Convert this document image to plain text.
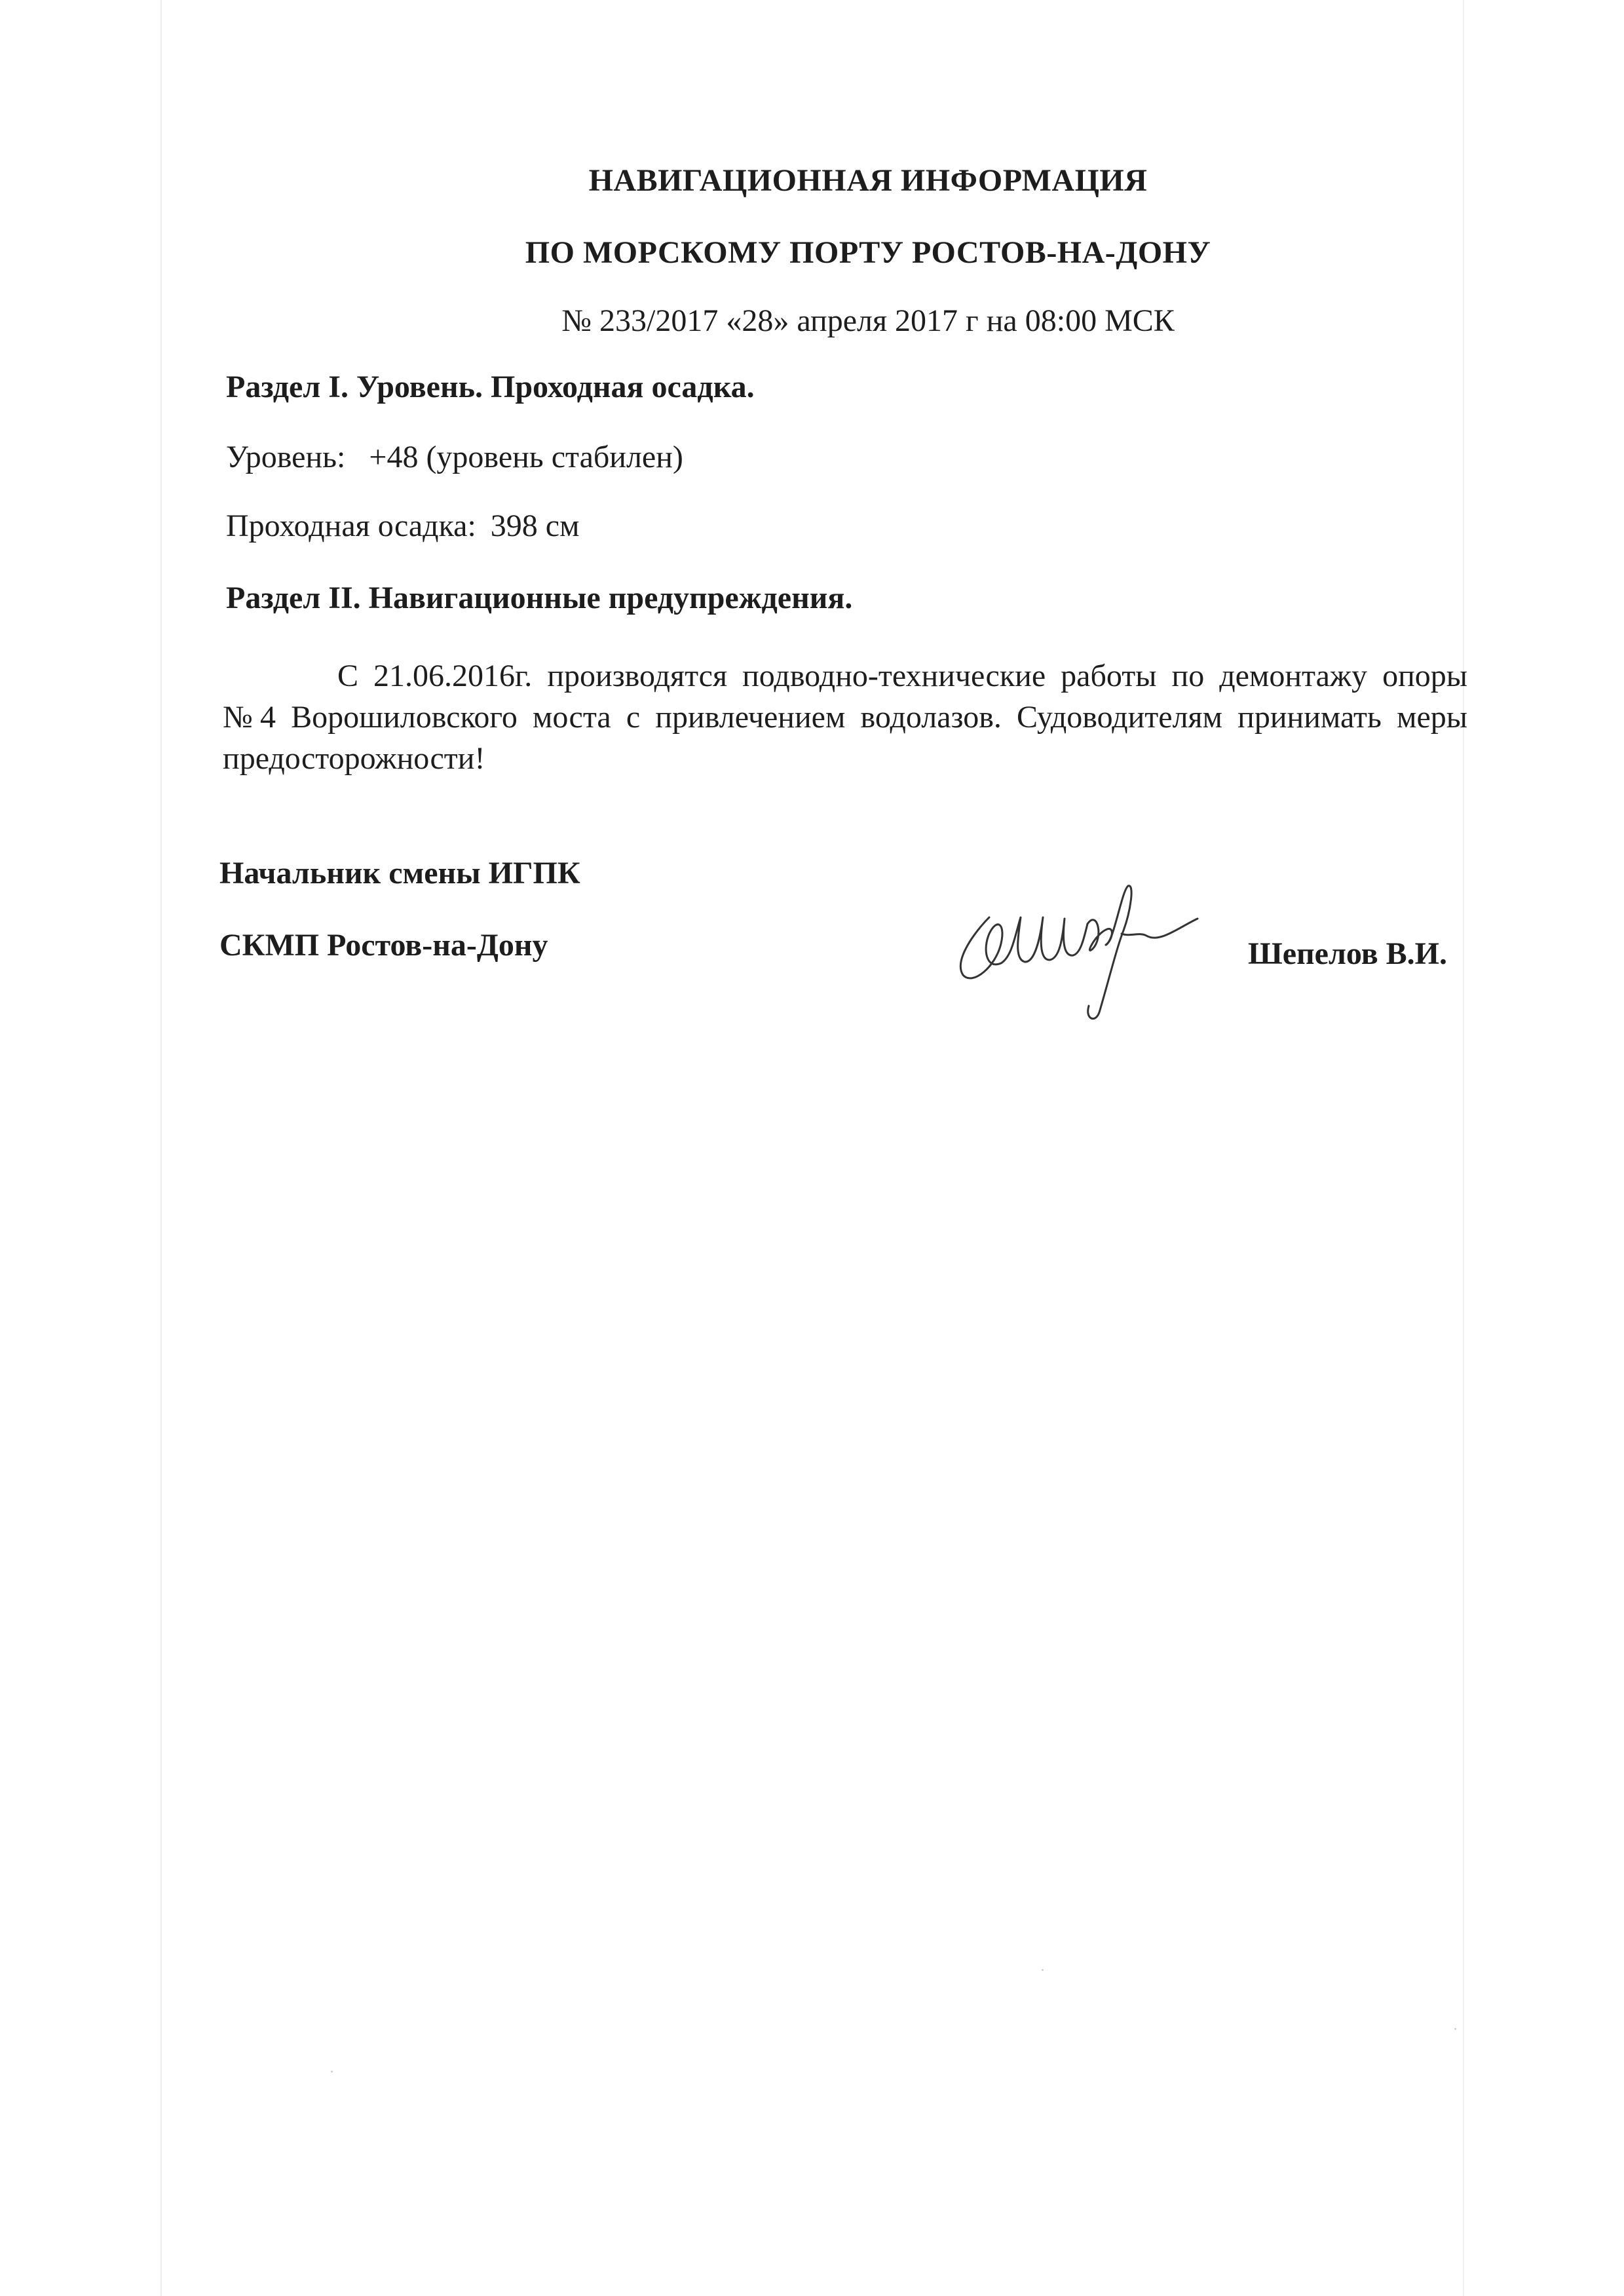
НАВИГАЦИОННАЯ ИНФОРМАЦИЯ
ПО МОРСКОМУ ПОРТУ РОСТОВ-НА-ДОНУ
№ 233/2017 «28» апреля 2017 г на 08:00 МСК
Раздел I. Уровень. Проходная осадка.
Уровень: +48 (уровень стабилен)
Проходная осадка: 398 см
Раздел II. Навигационные предупреждения.
С 21.06.2016г. производятся подводно-технические работы по демонтажу опоры №4 Ворошиловского моста с привлечением водолазов. Судоводителям принимать меры предосторожности!
Начальник смены ИГПК
СКМП Ростов-на-Дону	Шепелов В.И.
